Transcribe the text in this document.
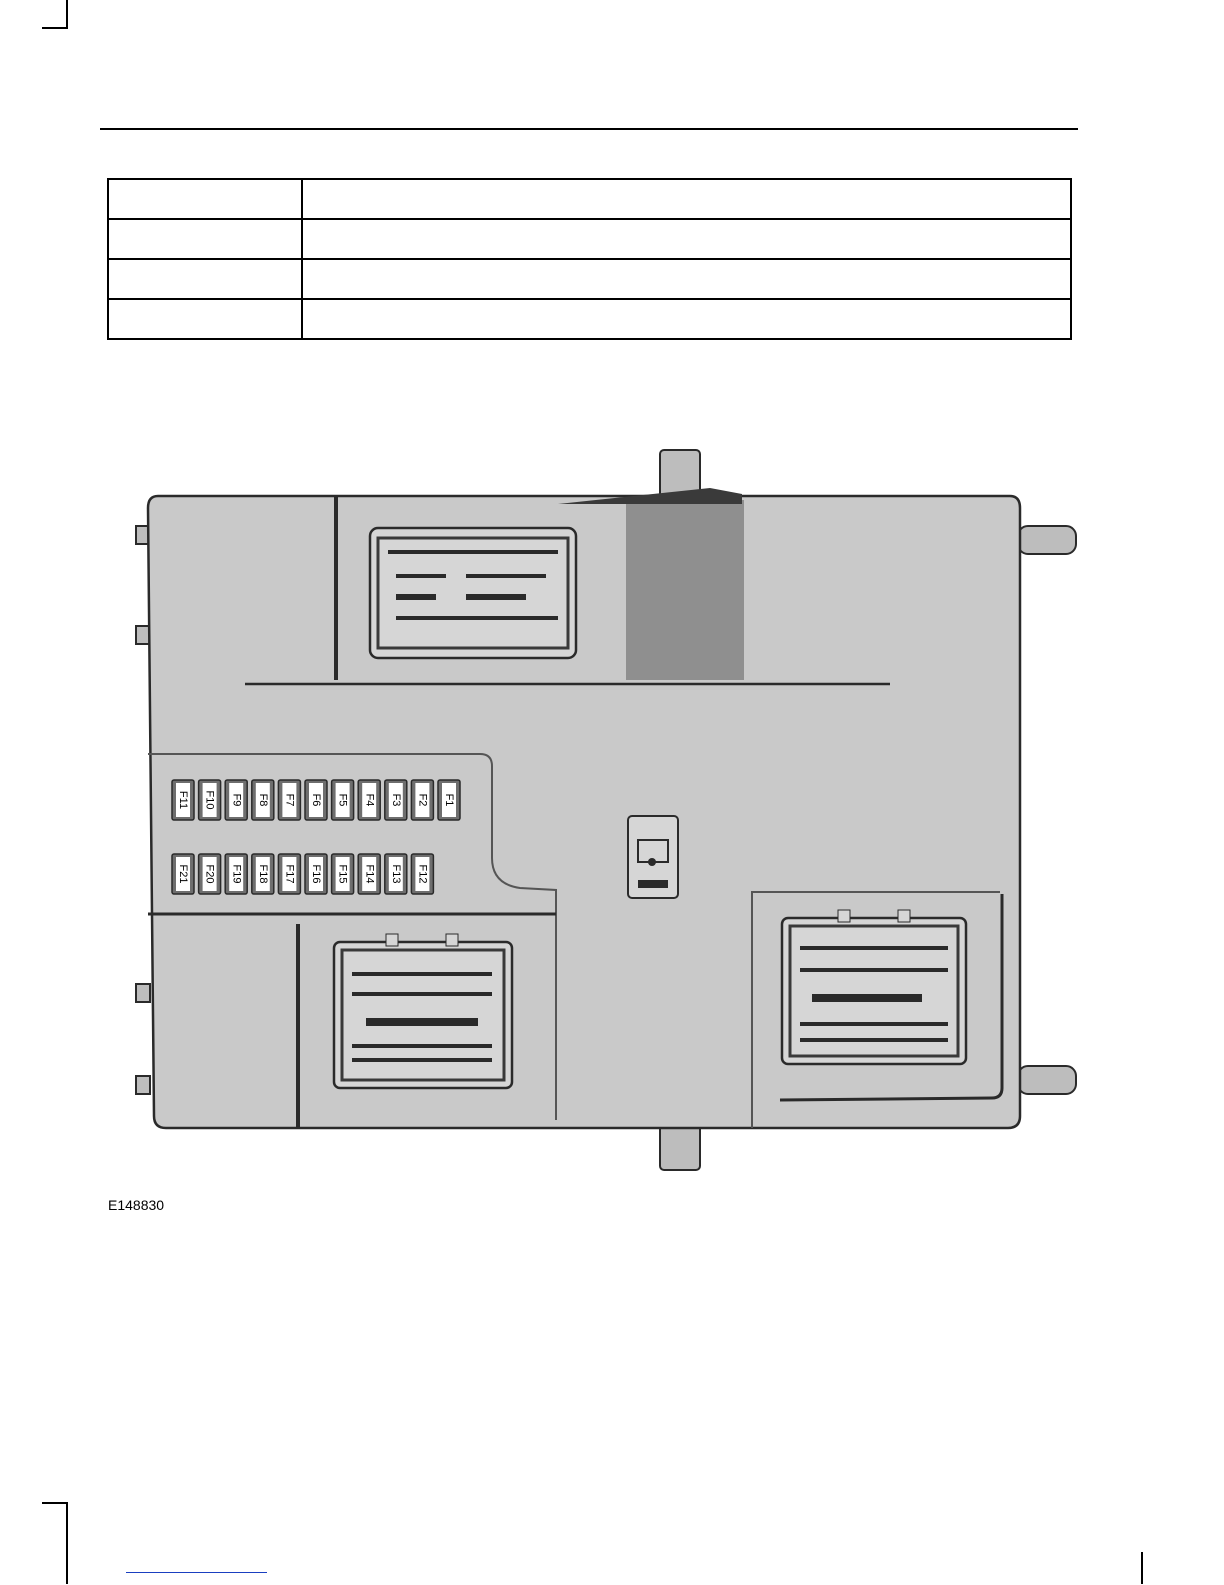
F11 F10 F9 F8 F7 F6 F5 F4 F3 F2 F1
F21 F20 F19 F18 F17 F16 F15 F14 F13 F12
E148830
